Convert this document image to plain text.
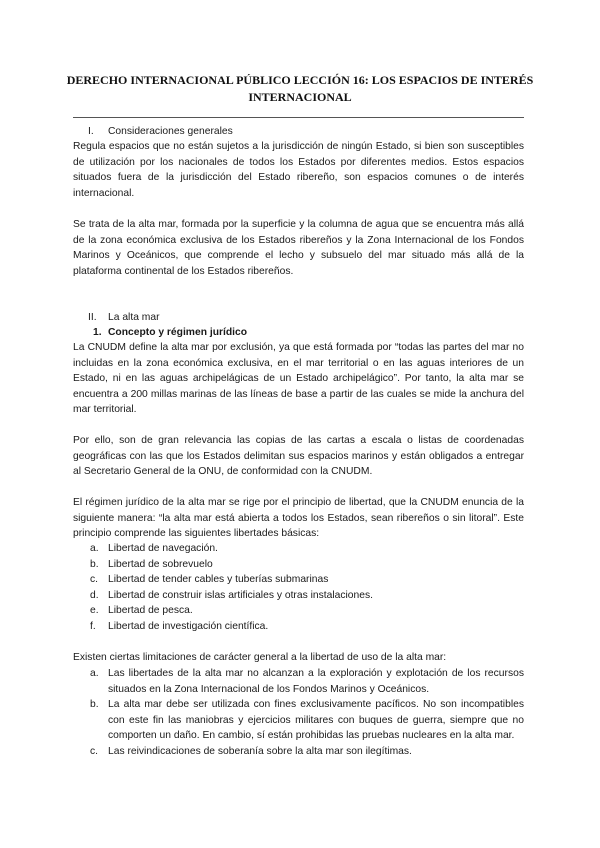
DERECHO INTERNACIONAL PÚBLICO LECCIÓN 16: LOS ESPACIOS DE INTERÉS INTERNACIONAL
I. Consideraciones generales
Regula espacios que no están sujetos a la jurisdicción de ningún Estado, si bien son susceptibles de utilización por los nacionales de todos los Estados por diferentes medios. Estos espacios situados fuera de la jurisdicción del Estado ribereño, son espacios comunes o de interés internacional.
Se trata de la alta mar, formada por la superficie y la columna de agua que se encuentra más allá de la zona económica exclusiva de los Estados ribereños y la Zona Internacional de los Fondos Marinos y Oceánicos, que comprende el lecho y subsuelo del mar situado más allá de la plataforma continental de los Estados ribereños.
II. La alta mar
1. Concepto y régimen jurídico
La CNUDM define la alta mar por exclusión, ya que está formada por “todas las partes del mar no incluidas en la zona económica exclusiva, en el mar territorial o en las aguas interiores de un Estado, ni en las aguas archipelágicas de un Estado archipelágico”. Por tanto, la alta mar se encuentra a 200 millas marinas de las líneas de base a partir de las cuales se mide la anchura del mar territorial.
Por ello, son de gran relevancia las copias de las cartas a escala o listas de coordenadas geográficas con las que los Estados delimitan sus espacios marinos y están obligados a entregar al Secretario General de la ONU, de conformidad con la CNUDM.
El régimen jurídico de la alta mar se rige por el principio de libertad, que la CNUDM enuncia de la siguiente manera: “la alta mar está abierta a todos los Estados, sean ribereños o sin litoral”. Este principio comprende las siguientes libertades básicas:
a. Libertad de navegación.
b. Libertad de sobrevuelo
c. Libertad de tender cables y tuberías submarinas
d. Libertad de construir islas artificiales y otras instalaciones.
e. Libertad de pesca.
f. Libertad de investigación científica.
Existen ciertas limitaciones de carácter general a la libertad de uso de la alta mar:
a. Las libertades de la alta mar no alcanzan a la exploración y explotación de los recursos situados en la Zona Internacional de los Fondos Marinos y Oceánicos.
b. La alta mar debe ser utilizada con fines exclusivamente pacíficos. No son incompatibles con este fin las maniobras y ejercicios militares con buques de guerra, siempre que no comporten un daño. En cambio, sí están prohibidas las pruebas nucleares en la alta mar.
c. Las reivindicaciones de soberanía sobre la alta mar son ilegítimas.
